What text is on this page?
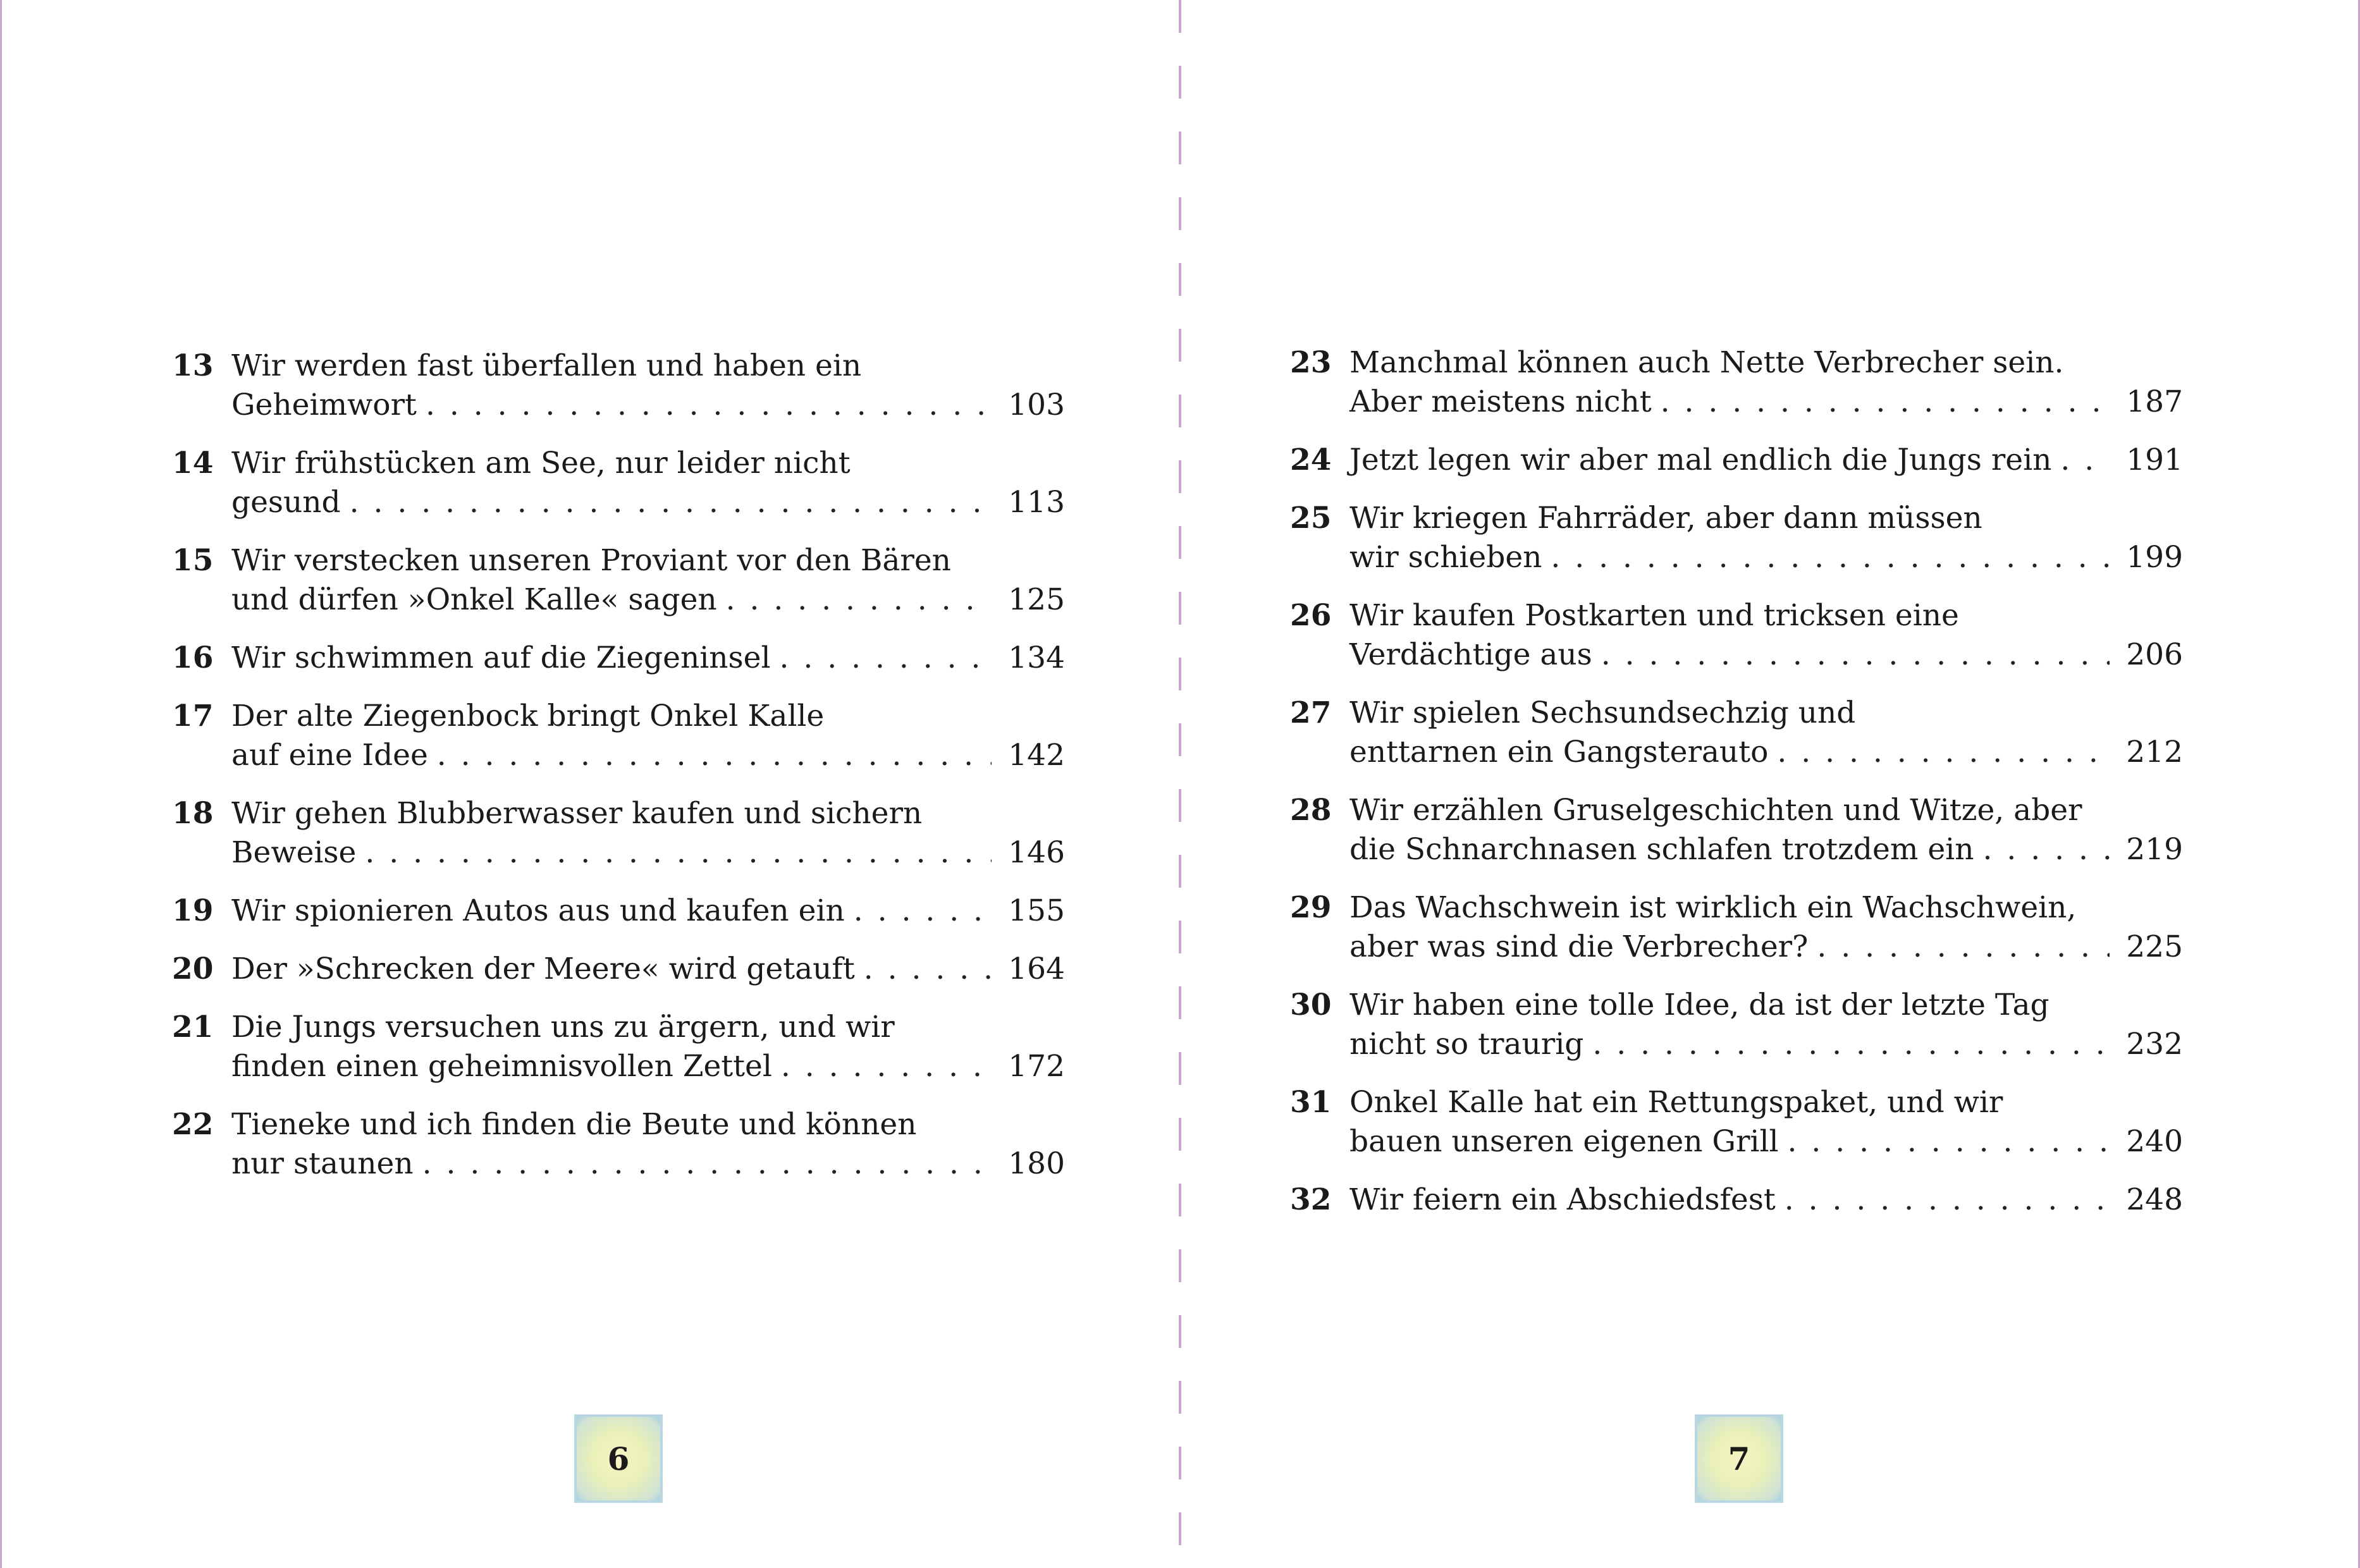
13 Wir werden fast überfallen und haben ein
Geheimwort . . .	103
14 Wir frühstücken am See, nur leider nicht
gesund . . .	113
15 Wir verstecken unseren Proviant vor den Bären
und dürfen »Onkel Kalle« sagen . . .	125
16 Wir schwimmen auf die Ziegeninsel . . .	134
17 Der alte Ziegenbock bringt Onkel Kalle
auf eine Idee . . .	142
18 Wir gehen Blubberwasser kaufen und sichern
Beweise . . .	146
19 Wir spionieren Autos aus und kaufen ein . . .	155
20 Der »Schrecken der Meere« wird getauft . . .	164
21 Die Jungs versuchen uns zu ärgern, und wir
finden einen geheimnisvollen Zettel . . .	172
22 Tieneke und ich finden die Beute und können
nur staunen . . .	180
6
23 Manchmal können auch Nette Verbrecher sein.
Aber meistens nicht . . .	187
24 Jetzt legen wir aber mal endlich die Jungs rein . . .	191
25 Wir kriegen Fahrräder, aber dann müssen
wir schieben . . .	199
26 Wir kaufen Postkarten und tricksen eine
Verdächtige aus . . .	206
27 Wir spielen Sechsundsechzig und
enttarnen ein Gangsterauto . . .	212
28 Wir erzählen Gruselgeschichten und Witze, aber
die Schnarchnasen schlafen trotzdem ein . . .	219
29 Das Wachschwein ist wirklich ein Wachschwein,
aber was sind die Verbrecher? . . .	225
30 Wir haben eine tolle Idee, da ist der letzte Tag
nicht so traurig . . .	232
31 Onkel Kalle hat ein Rettungspaket, und wir
bauen unseren eigenen Grill . . .	240
32 Wir feiern ein Abschiedsfest . . .	248
7
